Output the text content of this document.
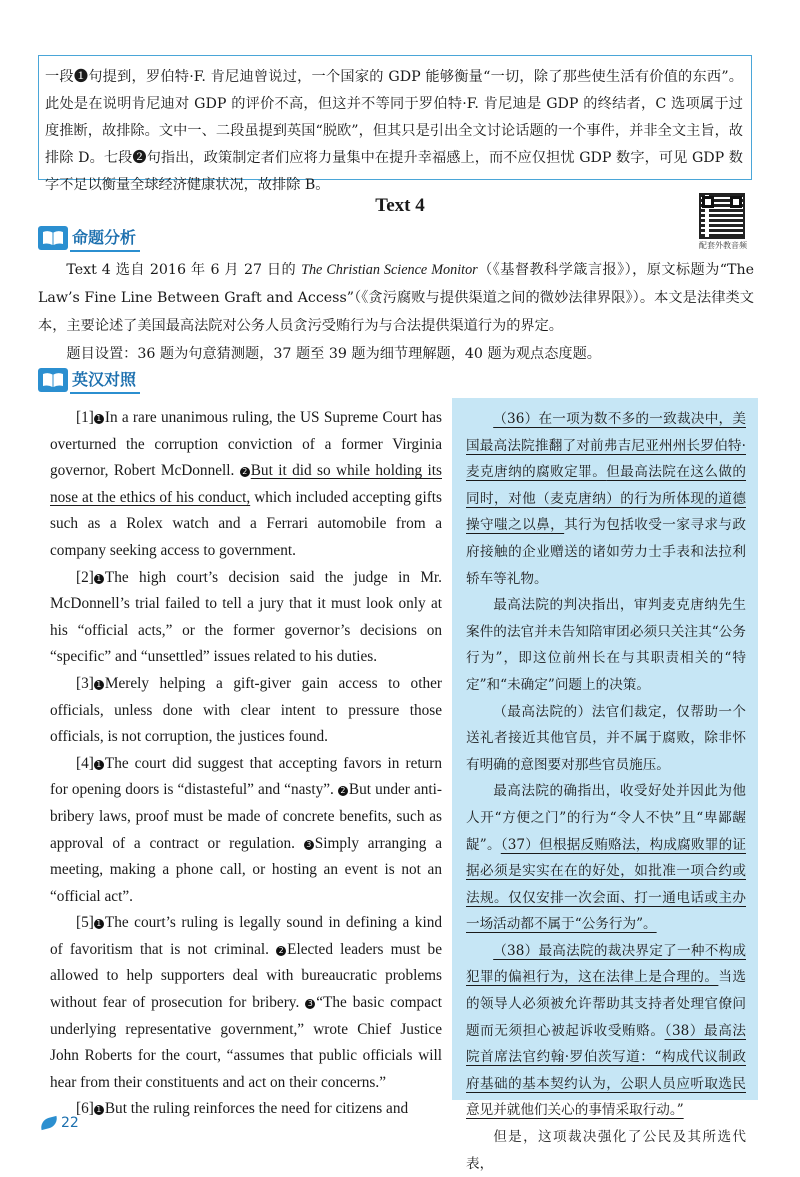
一段❶句提到，罗伯特·F. 肯尼迪曾说过，一个国家的 GDP 能够衡量“一切，除了那些使生活有价值的东西”。此处是在说明肯尼迪对 GDP 的评价不高，但这并不等同于罗伯特·F. 肯尼迪是 GDP 的终结者，C 选项属于过度推断，故排除。文中一、二段虽提到英国“脱欧”，但其只是引出全文讨论话题的一个事件，并非全文主旨，故排除 D。七段❷句指出，政策制定者们应将力量集中在提升幸福感上，而不应仅担忧 GDP 数字，可见 GDP 数字不足以衡量全球经济健康状况，故排除 B。

Text 4
配套外教音频
命题分析

Text 4 选自 2016 年 6 月 27 日的 The Christian Science Monitor（《基督教科学箴言报》），原文标题为“The Law’s Fine Line Between Graft and Access”（《贪污腐败与提供渠道之间的微妙法律界限》）。本文是法律类文本，主要论述了美国最高法院对公务人员贪污受贿行为与合法提供渠道行为的界定。

题目设置：36 题为句意猜测题，37 题至 39 题为细节理解题，40 题为观点态度题。

英汉对照

[1] 1 In a rare unanimous ruling, the US Supreme Court has overturned the corruption conviction of a former Virginia governor, Robert McDonnell. 2 But it did so while holding its nose at the ethics of his conduct, which included accepting gifts such as a Rolex watch and a Ferrari automobile from a company seeking access to government.

[2] 1 The high court’s decision said the judge in Mr. McDonnell’s trial failed to tell a jury that it must look only at his “official acts,” or the former governor’s decisions on “specific” and “unsettled” issues related to his duties.

[3] 1 Merely helping a gift-giver gain access to other officials, unless done with clear intent to pressure those officials, is not corruption, the justices found.

[4] 1 The court did suggest that accepting favors in return for opening doors is “distasteful” and “nasty”. 2 But under anti-bribery laws, proof must be made of concrete benefits, such as approval of a contract or regulation. 3 Simply arranging a meeting, making a phone call, or hosting an event is not an “official act”.

[5] 1 The court’s ruling is legally sound in defining a kind of favoritism that is not criminal. 2 Elected leaders must be allowed to help supporters deal with bureaucratic problems without fear of prosecution for bribery. 3 “The basic compact underlying representative government,” wrote Chief Justice John Roberts for the court, “assumes that public officials will hear from their constituents and act on their concerns.”

[6] 1 But the ruling reinforces the need for citizens and

（36）在一项为数不多的一致裁决中，美国最高法院推翻了对前弗吉尼亚州州长罗伯特·麦克唐纳的腐败定罪。但最高法院在这么做的同时，对他（麦克唐纳）的行为所体现的道德操守嗤之以鼻，其行为包括收受一家寻求与政府接触的企业赠送的诸如劳力士手表和法拉利轿车等礼物。

最高法院的判决指出，审判麦克唐纳先生案件的法官并未告知陪审团必须只关注其“公务行为”，即这位前州长在与其职责相关的“特定”和“未确定”问题上的决策。

（最高法院的）法官们裁定，仅帮助一个送礼者接近其他官员，并不属于腐败，除非怀有明确的意图要对那些官员施压。

最高法院的确指出，收受好处并因此为他人开“方便之门”的行为“令人不快”且“卑鄙龌龊”。（37）但根据反贿赂法，构成腐败罪的证据必须是实实在在的好处，如批准一项合约或法规。仅仅安排一次会面、打一通电话或主办一场活动都不属于“公务行为”。

（38）最高法院的裁决界定了一种不构成犯罪的偏袒行为，这在法律上是合理的。当选的领导人必须被允许帮助其支持者处理官僚问题而无须担心被起诉收受贿赂。（38）最高法院首席法官约翰·罗伯茨写道：“构成代议制政府基础的基本契约认为，公职人员应听取选民意见并就他们关心的事情采取行动。”

但是，这项裁决强化了公民及其所选代表，

22
